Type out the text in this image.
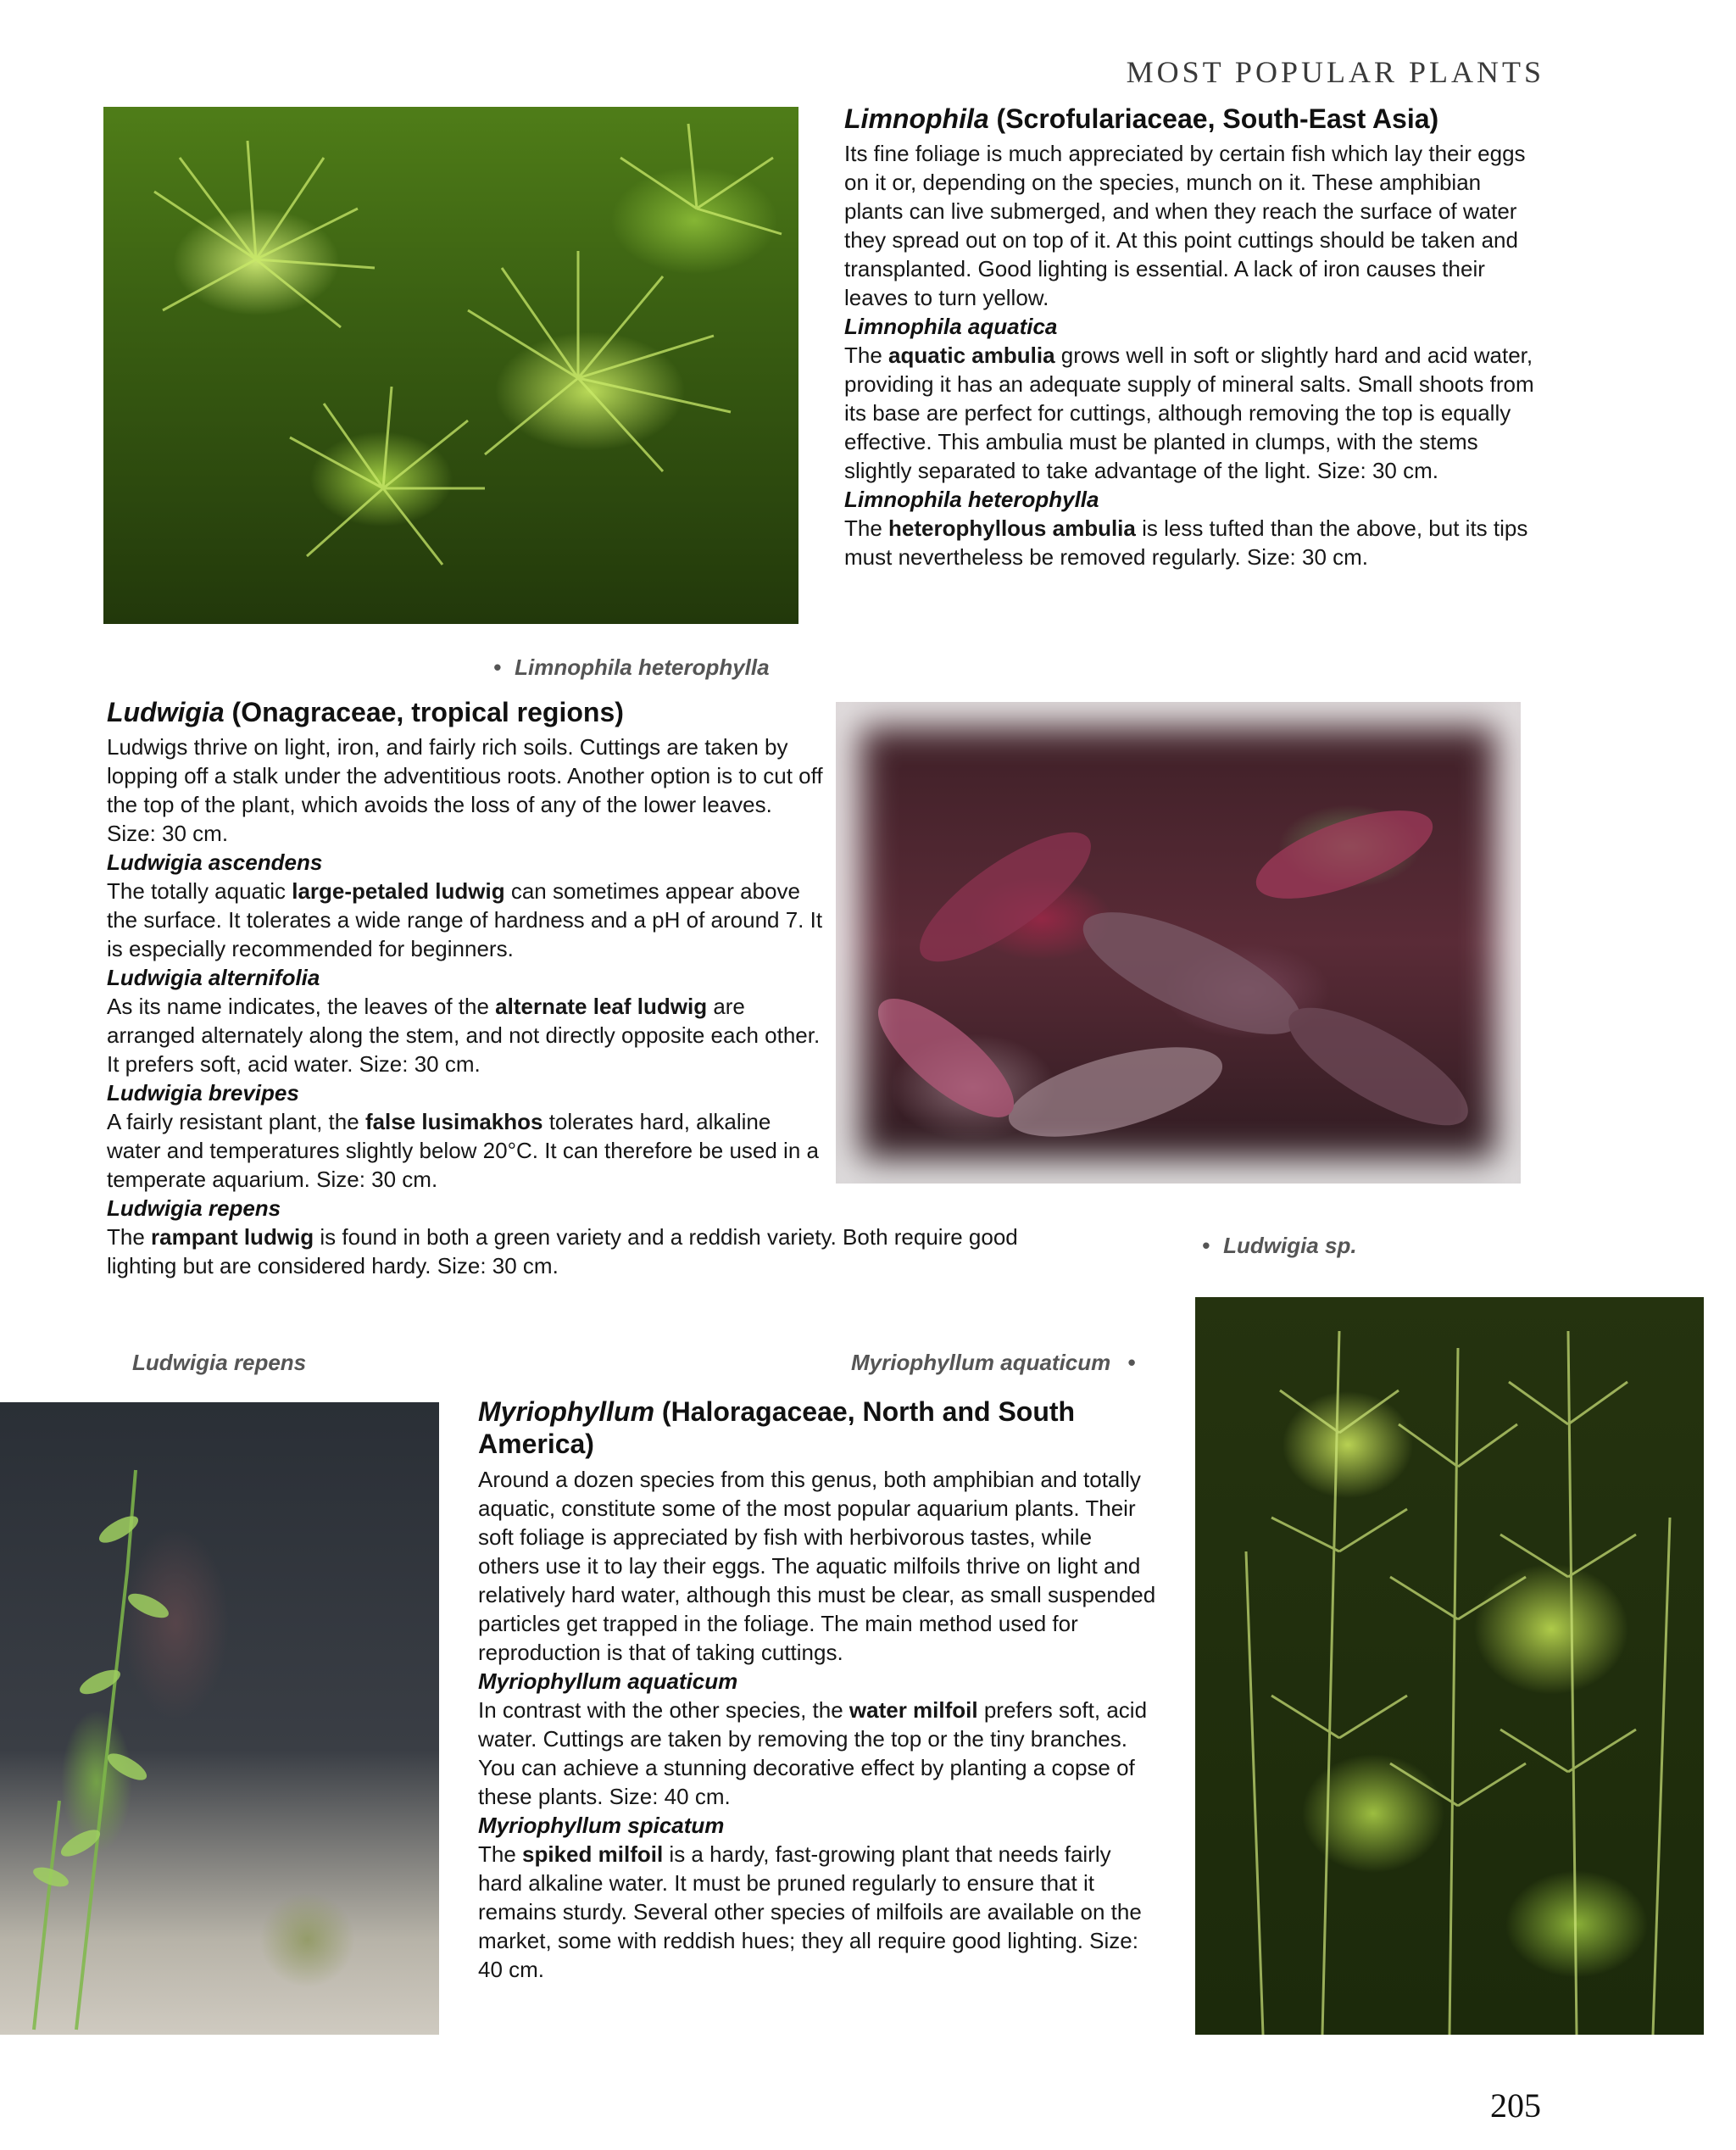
MOST POPULAR PLANTS
205
• Limnophila heterophylla
• Ludwigia sp.
Ludwigia repens	Myriophyllum aquaticum •
Limnophila (Scrofulariaceae, South-East Asia)

Its fine foliage is much appreciated by certain fish which lay their eggs on it or, depending on the species, munch on it. These amphibian plants can live submerged, and when they reach the surface of water they spread out on top of it. At this point cuttings should be taken and transplanted. Good lighting is essential. A lack of iron causes their leaves to turn yellow.

Limnophila aquatica

The aquatic ambulia grows well in soft or slightly hard and acid water, providing it has an adequate supply of mineral salts. Small shoots from its base are perfect for cuttings, although removing the top is equally effective. This ambulia must be planted in clumps, with the stems slightly separated to take advantage of the light. Size: 30 cm.

Limnophila heterophylla

The heterophyllous ambulia is less tufted than the above, but its tips must nevertheless be removed regularly. Size: 30 cm.

Ludwigia (Onagraceae, tropical regions)

Ludwigs thrive on light, iron, and fairly rich soils. Cuttings are taken by lopping off a stalk under the adventitious roots. Another option is to cut off the top of the plant, which avoids the loss of any of the lower leaves. Size: 30 cm.

Ludwigia ascendens

The totally aquatic large-petaled ludwig can sometimes appear above the surface. It tolerates a wide range of hardness and a pH of around 7. It is especially recommended for beginners.

Ludwigia alternifolia

As its name indicates, the leaves of the alternate leaf ludwig are arranged alternately along the stem, and not directly opposite each other. It prefers soft, acid water. Size: 30 cm.

Ludwigia brevipes

A fairly resistant plant, the false lusimakhos tolerates hard, alkaline water and temperatures slightly below 20°C. It can therefore be used in a temperate aquarium. Size: 30 cm.

Ludwigia repens

The rampant ludwig is found in both a green variety and a reddish variety. Both require good lighting but are considered hardy. Size: 30 cm.

Myriophyllum (Haloragaceae, North and South America)

Around a dozen species from this genus, both amphibian and totally aquatic, constitute some of the most popular aquarium plants. Their soft foliage is appreciated by fish with herbivorous tastes, while others use it to lay their eggs. The aquatic milfoils thrive on light and relatively hard water, although this must be clear, as small suspended particles get trapped in the foliage. The main method used for reproduction is that of taking cuttings.

Myriophyllum aquaticum

In contrast with the other species, the water milfoil prefers soft, acid water. Cuttings are taken by removing the top or the tiny branches. You can achieve a stunning decorative effect by planting a copse of these plants. Size: 40 cm.

Myriophyllum spicatum

The spiked milfoil is a hardy, fast-growing plant that needs fairly hard alkaline water. It must be pruned regularly to ensure that it remains sturdy. Several other species of milfoils are available on the market, some with reddish hues; they all require good lighting. Size: 40 cm.
